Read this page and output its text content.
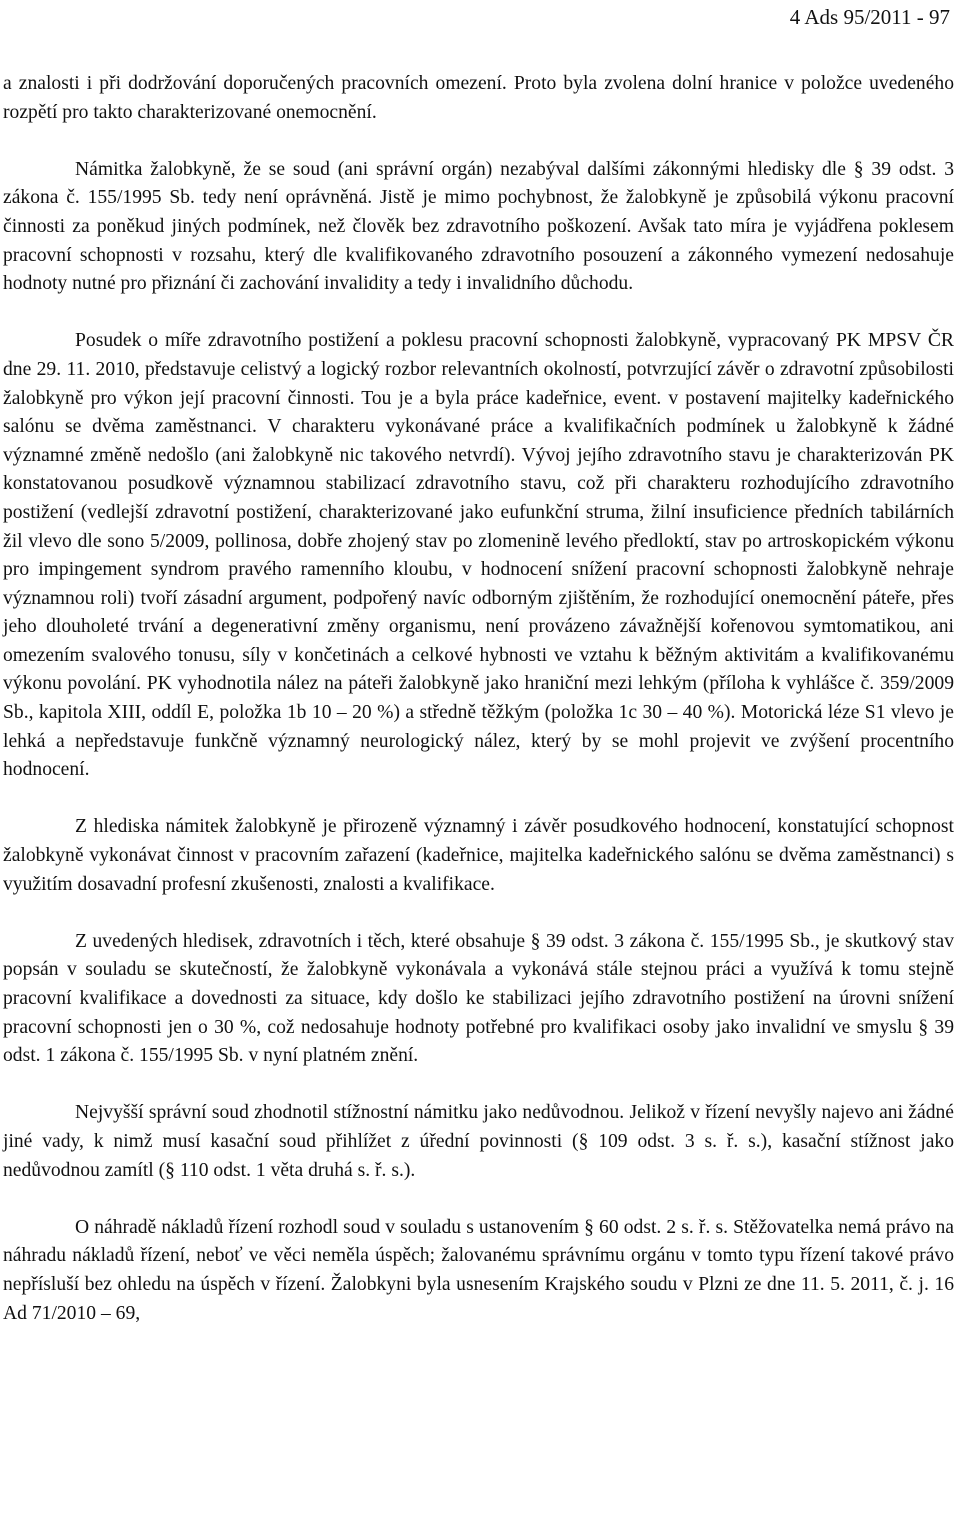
4 Ads 95/2011 - 97

a znalosti i při dodržování doporučených pracovních omezení. Proto byla zvolena dolní hranice v položce uvedeného rozpětí pro takto charakterizované onemocnění.

Námitka žalobkyně, že se soud (ani správní orgán) nezabýval dalšími zákonnými hledisky dle § 39 odst. 3 zákona č. 155/1995 Sb. tedy není oprávněná. Jistě je mimo pochybnost, že žalobkyně je způsobilá výkonu pracovní činnosti za poněkud jiných podmínek, než člověk bez zdravotního poškození. Avšak tato míra je vyjádřena poklesem pracovní schopnosti v rozsahu, který dle kvalifikovaného zdravotního posouzení a zákonného vymezení nedosahuje hodnoty nutné pro přiznání či zachování invalidity a tedy i invalidního důchodu.

Posudek o míře zdravotního postižení a poklesu pracovní schopnosti žalobkyně, vypracovaný PK MPSV ČR dne 29. 11. 2010, představuje celistvý a logický rozbor relevantních okolností, potvrzující závěr o zdravotní způsobilosti žalobkyně pro výkon její pracovní činnosti. Tou je a byla práce kadeřnice, event. v postavení majitelky kadeřnického salónu se dvěma zaměstnanci. V charakteru vykonávané práce a kvalifikačních podmínek u žalobkyně k žádné významné změně nedošlo (ani žalobkyně nic takového netvrdí). Vývoj jejího zdravotního stavu je charakterizován PK konstatovanou posudkově významnou stabilizací zdravotního stavu, což při charakteru rozhodujícího zdravotního postižení (vedlejší zdravotní postižení, charakterizované jako eufunkční struma, žilní insuficience předních tabilárních žil vlevo dle sono 5/2009, pollinosa, dobře zhojený stav po zlomenině levého předloktí, stav po artroskopickém výkonu pro impingement syndrom pravého ramenního kloubu, v hodnocení snížení pracovní schopnosti žalobkyně nehraje významnou roli) tvoří zásadní argument, podpořený navíc odborným zjištěním, že rozhodující onemocnění páteře, přes jeho dlouholeté trvání a degenerativní změny organismu, není provázeno závažnější kořenovou symtomatikou, ani omezením svalového tonusu, síly v končetinách a celkové hybnosti ve vztahu k běžným aktivitám a kvalifikovanému výkonu povolání. PK vyhodnotila nález na páteři žalobkyně jako hraniční mezi lehkým (příloha k vyhlášce č. 359/2009 Sb., kapitola XIII, oddíl E, položka 1b 10 – 20 %) a středně těžkým (položka 1c 30 – 40 %). Motorická léze S1 vlevo je lehká a nepředstavuje funkčně významný neurologický nález, který by se mohl projevit ve zvýšení procentního hodnocení.

Z hlediska námitek žalobkyně je přirozeně významný i závěr posudkového hodnocení, konstatující schopnost žalobkyně vykonávat činnost v pracovním zařazení (kadeřnice, majitelka kadeřnického salónu se dvěma zaměstnanci) s využitím dosavadní profesní zkušenosti, znalosti a kvalifikace.

Z uvedených hledisek, zdravotních i těch, které obsahuje § 39 odst. 3 zákona č. 155/1995 Sb., je skutkový stav popsán v souladu se skutečností, že žalobkyně vykonávala a vykonává stále stejnou práci a využívá k tomu stejně pracovní kvalifikace a dovednosti za situace, kdy došlo ke stabilizaci jejího zdravotního postižení na úrovni snížení pracovní schopnosti jen o 30 %, což nedosahuje hodnoty potřebné pro kvalifikaci osoby jako invalidní ve smyslu § 39 odst. 1 zákona č. 155/1995 Sb. v nyní platném znění.

Nejvyšší správní soud zhodnotil stížnostní námitku jako nedůvodnou. Jelikož v řízení nevyšly najevo ani žádné jiné vady, k nimž musí kasační soud přihlížet z úřední povinnosti (§ 109 odst. 3 s. ř. s.), kasační stížnost jako nedůvodnou zamítl (§ 110 odst. 1 věta druhá s. ř. s.).

O náhradě nákladů řízení rozhodl soud v souladu s ustanovením § 60 odst. 2 s. ř. s. Stěžovatelka nemá právo na náhradu nákladů řízení, neboť ve věci neměla úspěch; žalovanému správnímu orgánu v tomto typu řízení takové právo nepřísluší bez ohledu na úspěch v řízení. Žalobkyni byla usnesením Krajského soudu v Plzni ze dne 11. 5. 2011, č. j. 16 Ad 71/2010 – 69,
